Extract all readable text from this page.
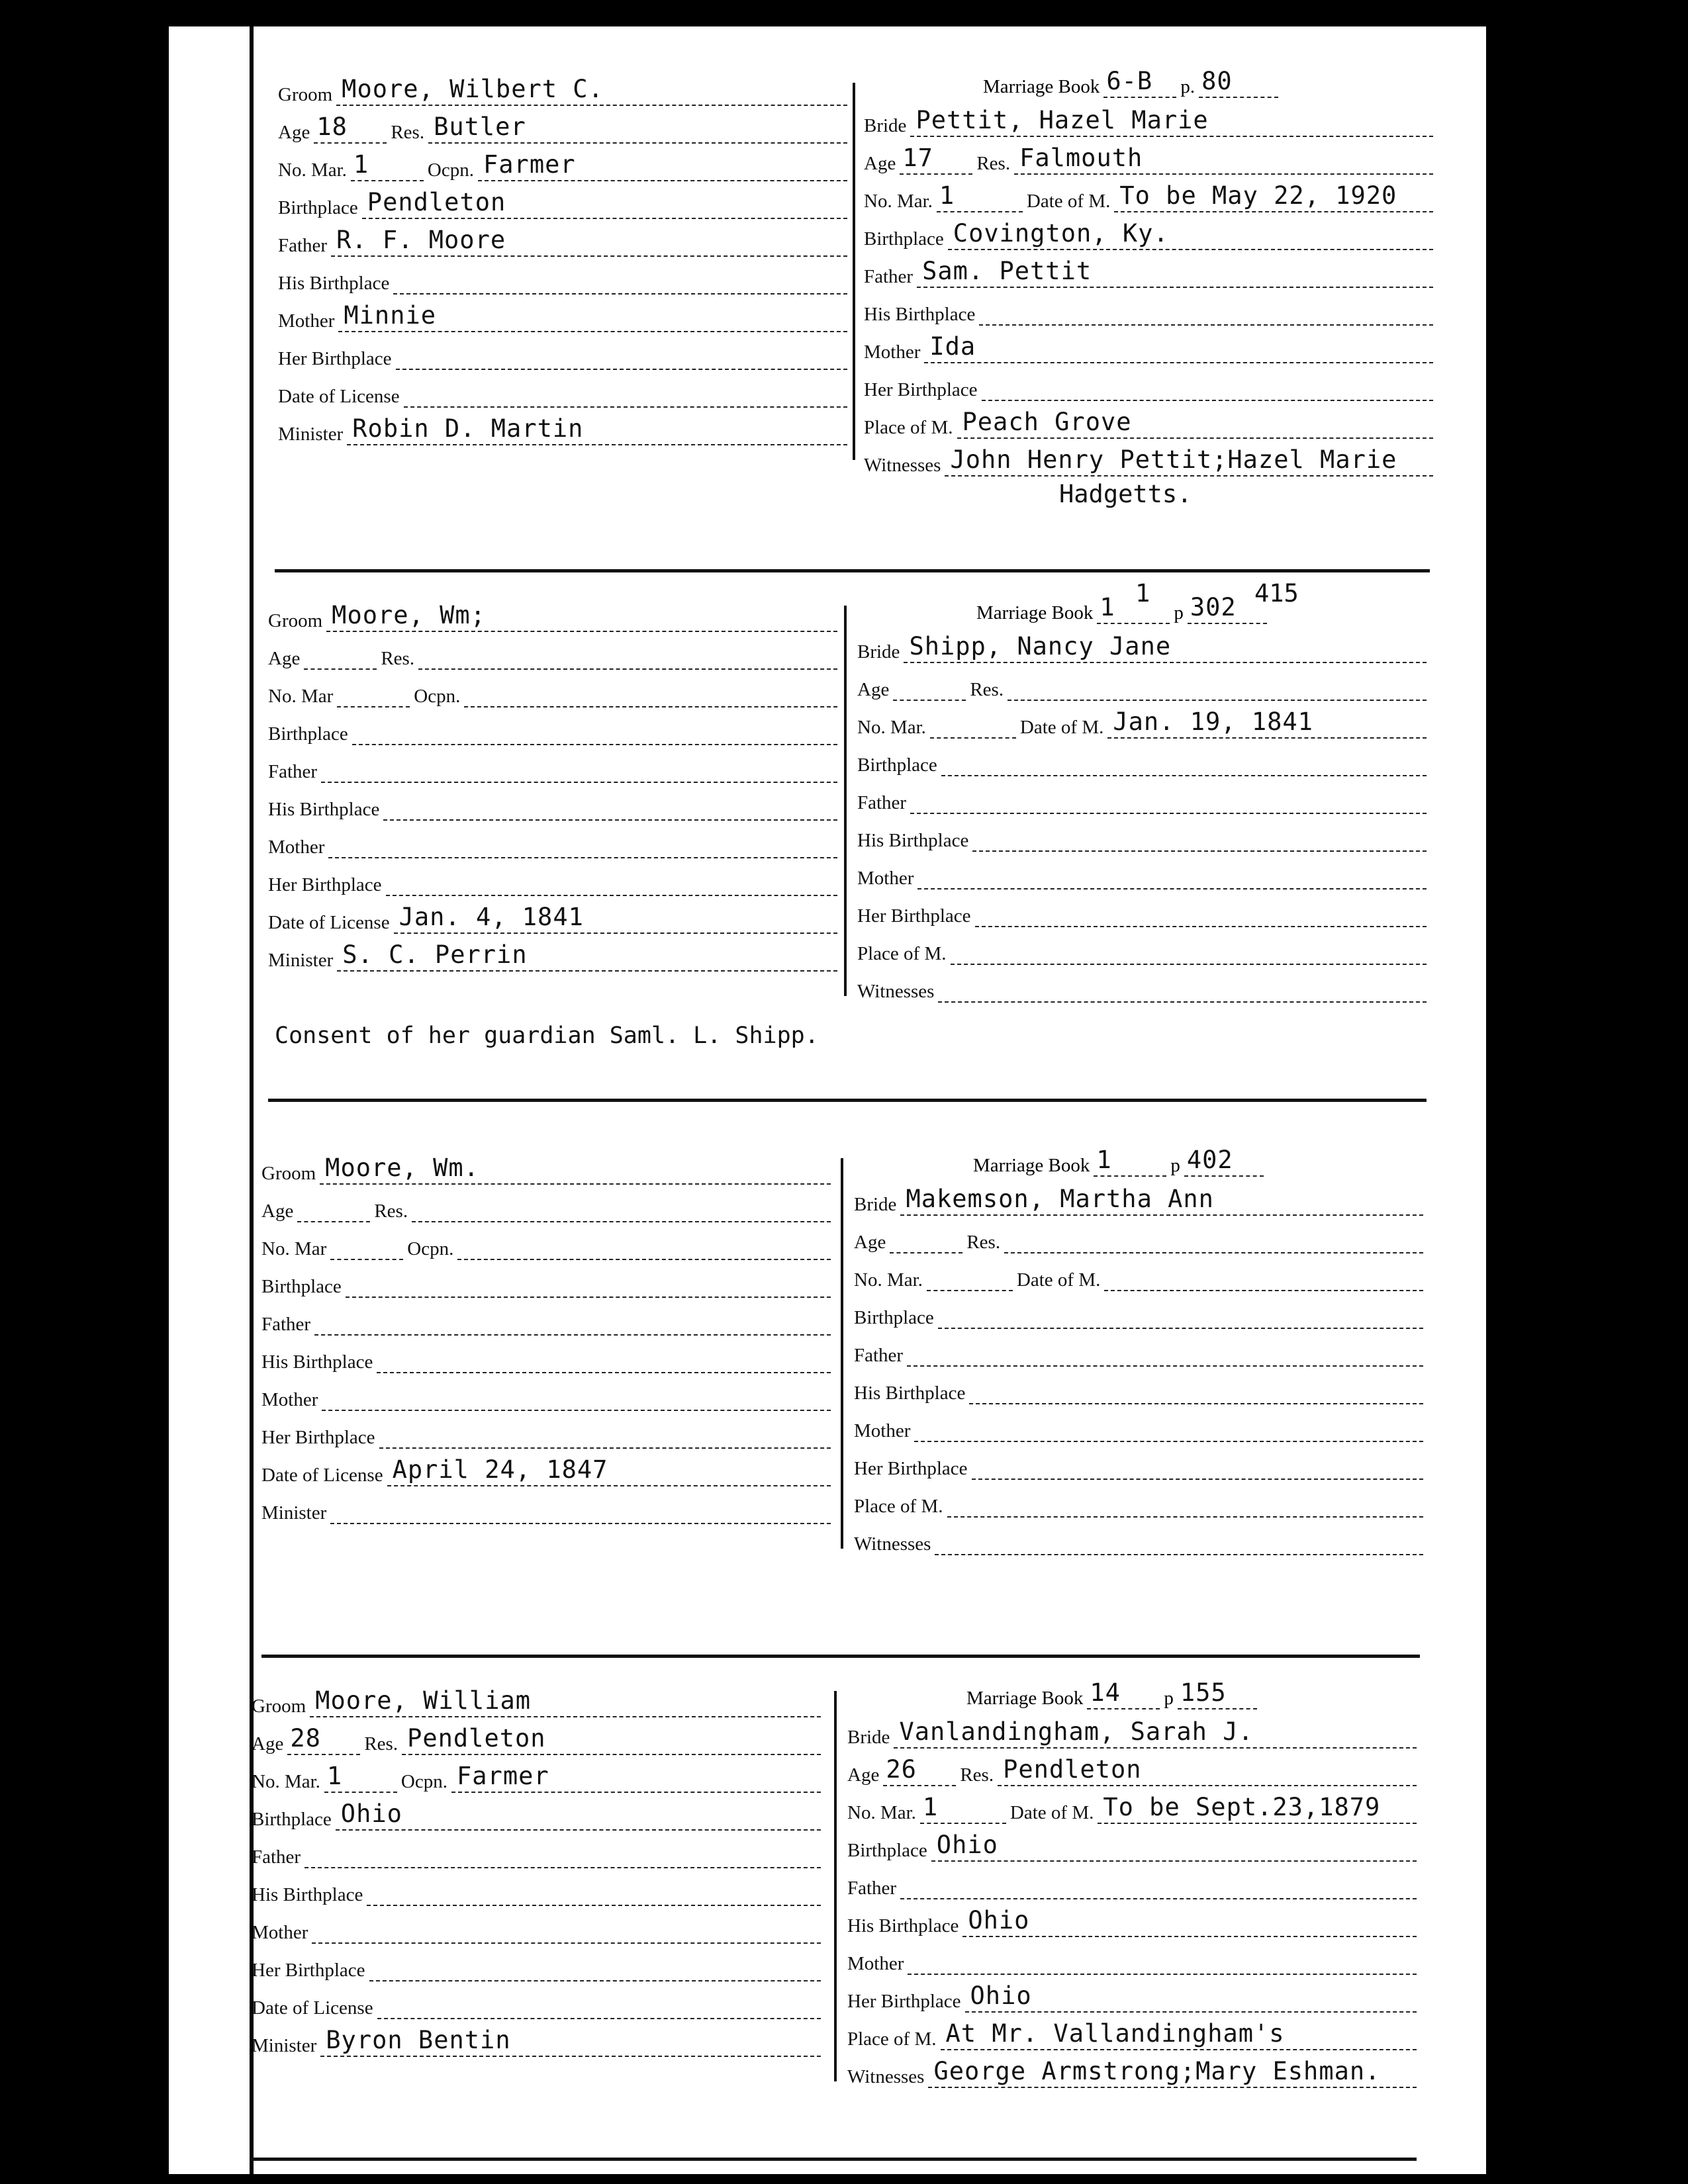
Groom Moore, Wilbert C.
Age 18 Res. Butler
No. Mar. 1	Ocpn. Farmer
Birthplace Pendleton
Father R. F. Moore
His Birthplace
Mother Minnie
Her Birthplace
Date of License
Minister Robin D. Martin
Marriage Book 6-B p. 80
Bride Pettit, Hazel Marie
Age 17 Res. Falmouth
No. Mar. 1	Date of M. To be May 22, 1920
Birthplace Covington, Ky.
Father Sam. Pettit
His Birthplace
Mother Ida
Her Birthplace
Place of M. Peach Grove
Witnesses John Henry Pettit;Hazel Marie
Hadgetts.
Groom Moore, Wm;
Age	Res.
No. Mar	Ocpn.
Birthplace
Father
His Birthplace
Mother
Her Birthplace
Date of License Jan. 4, 1841
Minister S. C. Perrin
Marriage Book 1	p 302
1	415
Bride Shipp, Nancy Jane
Age	Res.
No. Mar.	Date of M. Jan. 19, 1841
Birthplace
Father
His Birthplace
Mother
Her Birthplace
Place of M.
Witnesses
Consent of her guardian Saml. L. Shipp.
Groom Moore, Wm.
Age	Res.
No. Mar	Ocpn.
Birthplace
Father
His Birthplace
Mother
Her Birthplace
Date of License April 24, 1847
Minister
Marriage Book 1	p 402
Bride Makemson, Martha Ann
Age	Res.
No. Mar.	Date of M.
Birthplace
Father
His Birthplace
Mother
Her Birthplace
Place of M.
Witnesses
Groom Moore, William
Age 28 Res. Pendleton
No. Mar. 1	Ocpn. Farmer
Birthplace Ohio
Father
His Birthplace
Mother
Her Birthplace
Date of License
Minister Byron Bentin
Marriage Book 14 p 155
Bride Vanlandingham, Sarah J.
Age 26 Res. Pendleton
No. Mar. 1	Date of M. To be Sept.23,1879
Birthplace Ohio
Father
His Birthplace Ohio
Mother
Her Birthplace Ohio
Place of M. At Mr. Vallandingham's
Witnesses George Armstrong;Mary Eshman.
